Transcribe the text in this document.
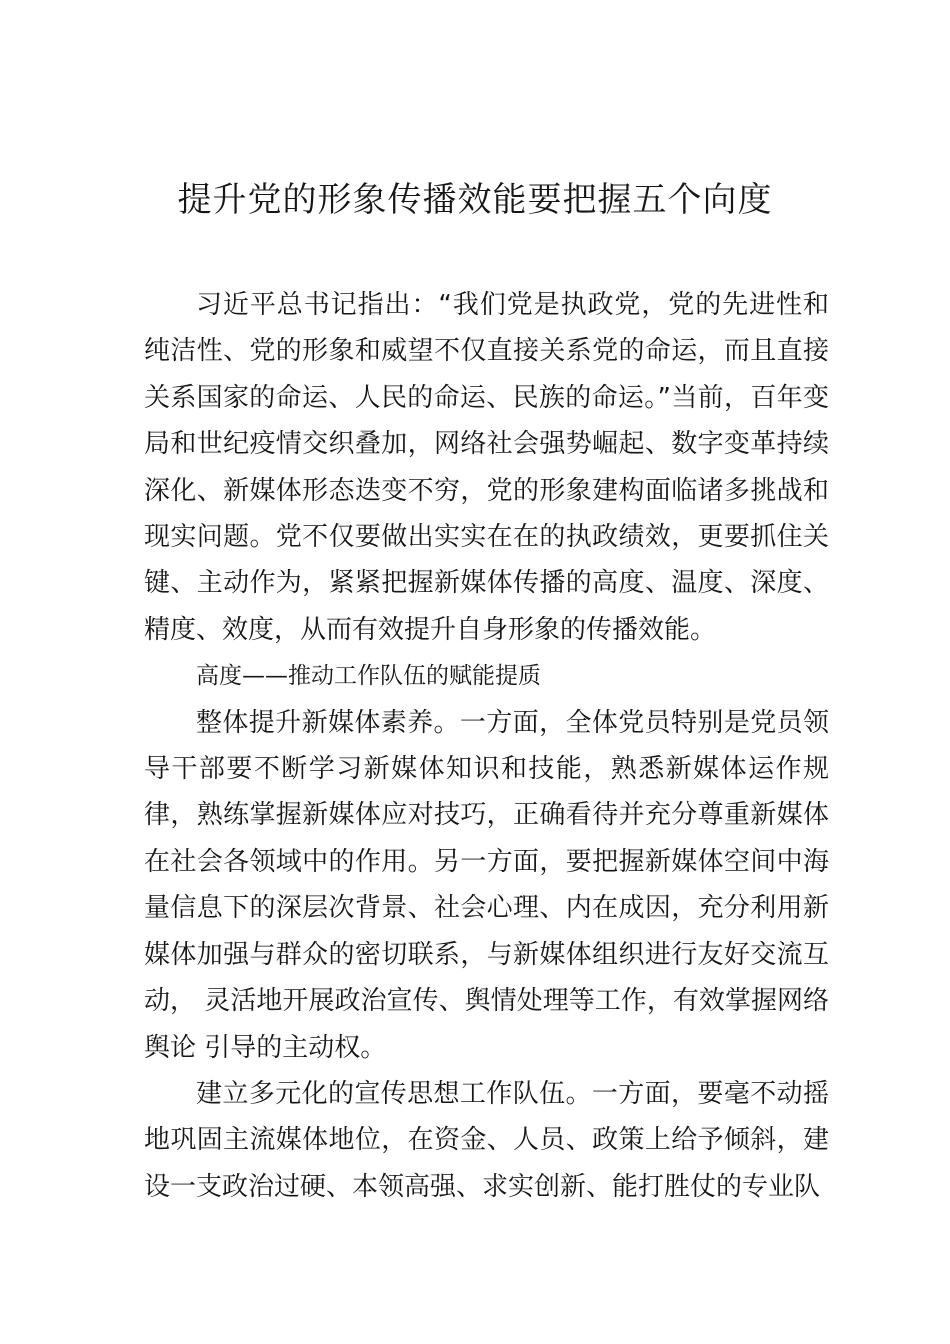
提升党的形象传播效能要把握五个向度

习近平总书记指出：“我们党是执政党，党的先进性和纯洁性、党的形象和威望不仅直接关系党的命运，而且直接关系国家的命运、人民的命运、民族的命运。”当前，百年变局和世纪疫情交织叠加，网络社会强势崛起、数字变革持续深化、新媒体形态迭变不穷，党的形象建构面临诸多挑战和现实问题。党不仅要做出实实在在的执政绩效，更要抓住关键、主动作为，紧紧把握新媒体传播的高度、温度、深度、精度、效度，从而有效提升自身形象的传播效能。

高度——推动工作队伍的赋能提质

整体提升新媒体素养。一方面，全体党员特别是党员领导干部要不断学习新媒体知识和技能，熟悉新媒体运作规律，熟练掌握新媒体应对技巧，正确看待并充分尊重新媒体在社会各领域中的作用。另一方面，要把握新媒体空间中海量信息下的深层次背景、社会心理、内在成因，充分利用新媒体加强与群众的密切联系，与新媒体组织进行友好交流互动， 灵活地开展政治宣传、舆情处理等工作，有效掌握网络舆论 引导的主动权。

建立多元化的宣传思想工作队伍。一方面，要毫不动摇地巩固主流媒体地位，在资金、人员、政策上给予倾斜，建设一支政治过硬、本领高强、求实创新、能打胜仗的专业队
